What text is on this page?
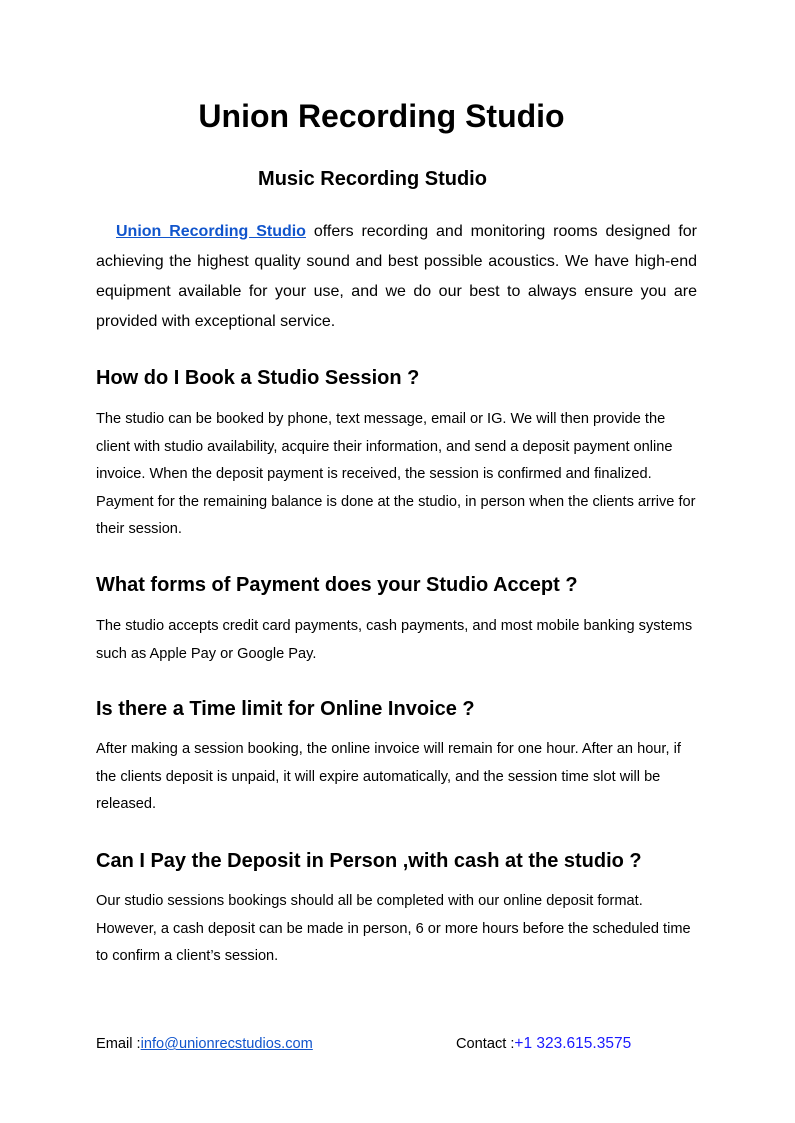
Union Recording Studio
Music Recording Studio

Union Recording Studio offers recording and monitoring rooms designed for achieving the highest quality sound and best possible acoustics. We have high-end equipment available for your use, and we do our best to always ensure you are provided with exceptional service.

How do I Book a Studio Session ?

The studio can be booked by phone, text message, email or IG. We will then provide the client with studio availability, acquire their information, and send a deposit payment online invoice. When the deposit payment is received, the session is confirmed and finalized. Payment for the remaining balance is done at the studio, in person when the clients arrive for their session.

What forms of Payment does your Studio Accept ?

The studio accepts credit card payments, cash payments, and most mobile banking systems such as Apple Pay or Google Pay.

Is there a Time limit for Online Invoice ?

After making a session booking, the online invoice will remain for one hour. After an hour, if the clients deposit is unpaid, it will expire automatically, and the session time slot will be released.

Can I Pay the Deposit in Person ,with cash at the studio ?

Our studio sessions bookings should all be completed with our online deposit format. However, a cash deposit can be made in person, 6 or more hours before the scheduled time to confirm a client’s session.

Email :info@unionrecstudios.com	Contact :+1 323.615.3575
